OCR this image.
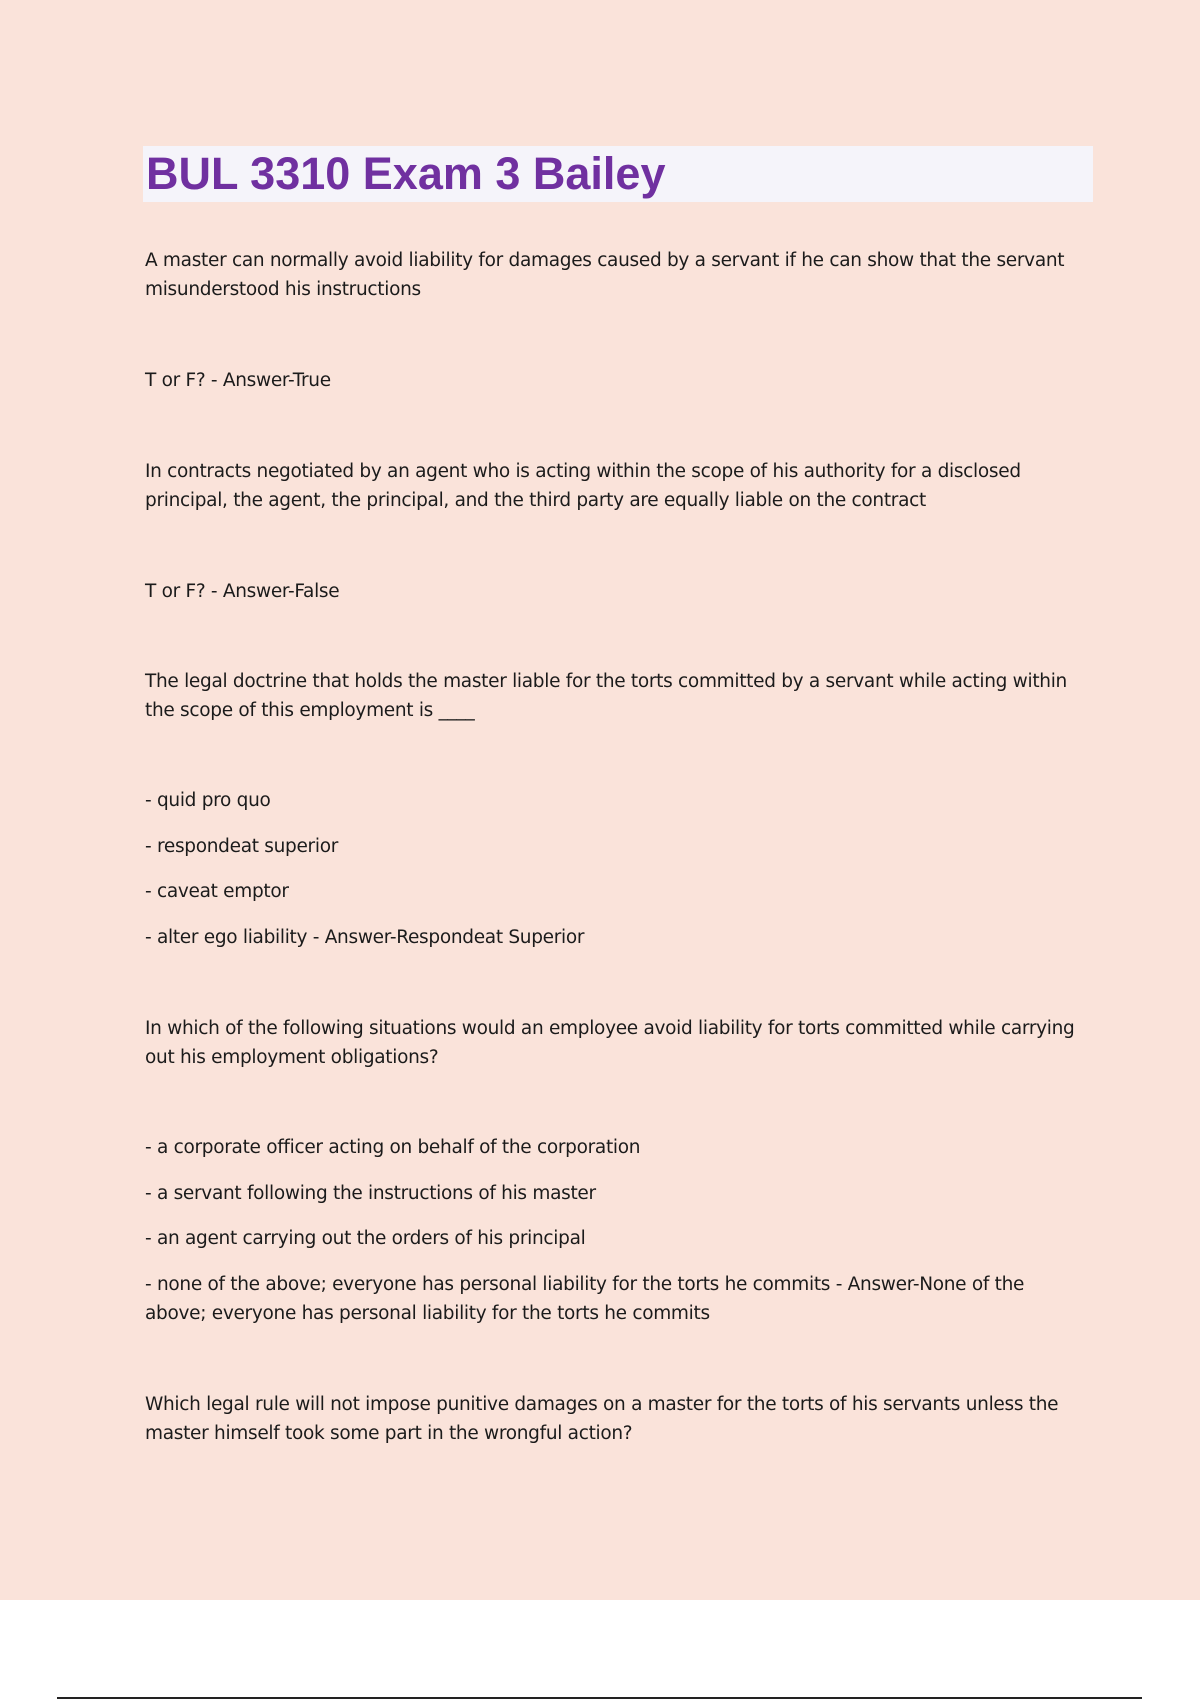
BUL 3310 Exam 3 Bailey
A master can normally avoid liability for damages caused by a servant if he can show that the servant misunderstood his instructions
T or F? - Answer-True
In contracts negotiated by an agent who is acting within the scope of his authority for a disclosed principal, the agent, the principal, and the third party are equally liable on the contract
T or F? - Answer-False
The legal doctrine that holds the master liable for the torts committed by a servant while acting within the scope of this employment is ____
- quid pro quo
- respondeat superior
- caveat emptor
- alter ego liability - Answer-Respondeat Superior
In which of the following situations would an employee avoid liability for torts committed while carrying out his employment obligations?
- a corporate officer acting on behalf of the corporation
- a servant following the instructions of his master
- an agent carrying out the orders of his principal
- none of the above; everyone has personal liability for the torts he commits - Answer-None of the above; everyone has personal liability for the torts he commits
Which legal rule will not impose punitive damages on a master for the torts of his servants unless the master himself took some part in the wrongful action?
